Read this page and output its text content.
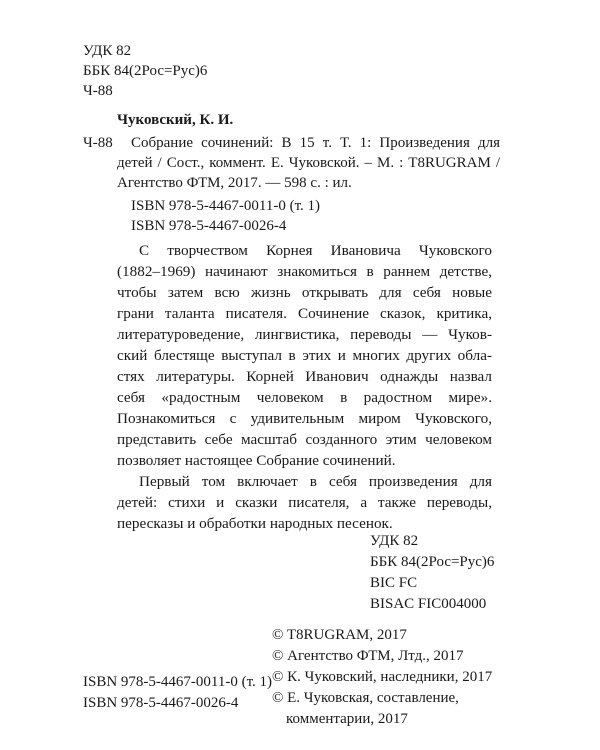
УДК 82
ББК 84(2Рос=Рус)6
Ч-88
Чуковский, К. И.
Ч-88 Собрание сочинений: В 15 т. Т. 1: Произведения для
детей / Сост., коммент. Е. Чуковской. – М. : T8RUGRAM /
Агентство ФТМ, 2017. — 598 с. : ил.
ISBN 978-5-4467-0011-0 (т. 1)
ISBN 978-5-4467-0026-4

С творчеством Корнея Ивановича Чуковского

(1882–1969) начинают знакомиться в раннем детстве,

чтобы затем всю жизнь открывать для себя новые

грани таланта писателя. Сочинение сказок, критика,

литературоведение, лингвистика, переводы — Чуков-

ский блестяще выступал в этих и многих других обла-

стях литературы. Корней Иванович однажды назвал

себя «радостным человеком в радостном мире».

Познакомиться с удивительным миром Чуковского,

представить себе масштаб созданного этим человеком

позволяет настоящее Собрание сочинений.

Первый том включает в себя произведения для

детей: стихи и сказки писателя, а также переводы,

пересказы и обработки народных песенок.

УДК 82
ББК 84(2Рос=Рус)6
BIC FC
BISAC FIC004000
ISBN 978-5-4467-0011-0 (т. 1)
ISBN 978-5-4467-0026-4
© T8RUGRAM, 2017
© Агентство ФТМ, Лтд., 2017
© К. Чуковский, наследники, 2017
© Е. Чуковская, составление,
комментарии, 2017
